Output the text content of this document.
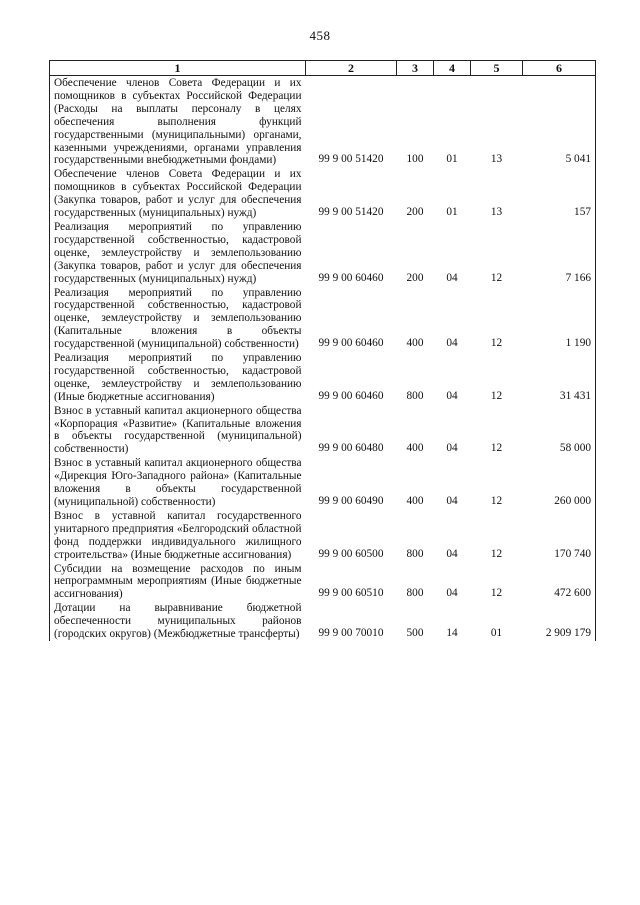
458
1	2	3	4	5	6
Обеспечение членов Совета Федерации и их помощников в субъектах Российской Федерации (Расходы на выплаты персоналу в целях обеспечения выполнения функций государственными (муниципальными) органами, казенными учреждениями, органами управления государственными внебюджетными фондами)	99 9 00 51420	100	01	13	5 041
Обеспечение членов Совета Федерации и их помощников в субъектах Российской Федерации (Закупка товаров, работ и услуг для обеспечения государственных (муниципальных) нужд)	99 9 00 51420	200	01	13	157
Реализация мероприятий по управлению государственной собственностью, кадастровой оценке, землеустройству и землепользованию (Закупка товаров, работ и услуг для обеспечения государственных (муниципальных) нужд)	99 9 00 60460	200	04	12	7 166
Реализация мероприятий по управлению государственной собственностью, кадастровой оценке, землеустройству и землепользованию (Капитальные вложения в объекты государственной (муниципальной) собственности)	99 9 00 60460	400	04	12	1 190
Реализация мероприятий по управлению государственной собственностью, кадастровой оценке, землеустройству и землепользованию (Иные бюджетные ассигнования)	99 9 00 60460	800	04	12	31 431
Взнос в уставный капитал акционерного общества «Корпорация «Развитие» (Капитальные вложения в объекты государственной (муниципальной) собственности)	99 9 00 60480	400	04	12	58 000
Взнос в уставный капитал акционерного общества «Дирекция Юго-Западного района» (Капитальные вложения в объекты государственной (муниципальной) собственности)	99 9 00 60490	400	04	12	260 000
Взнос в уставной капитал государственного унитарного предприятия «Белгородский областной фонд поддержки индивидуального жилищного строительства» (Иные бюджетные ассигнования)	99 9 00 60500	800	04	12	170 740
Субсидии на возмещение расходов по иным непрограммным мероприятиям (Иные бюджетные ассигнования)	99 9 00 60510	800	04	12	472 600
Дотации на выравнивание бюджетной обеспеченности муниципальных районов (городских округов) (Межбюджетные трансферты)	99 9 00 70010	500	14	01	2 909 179
